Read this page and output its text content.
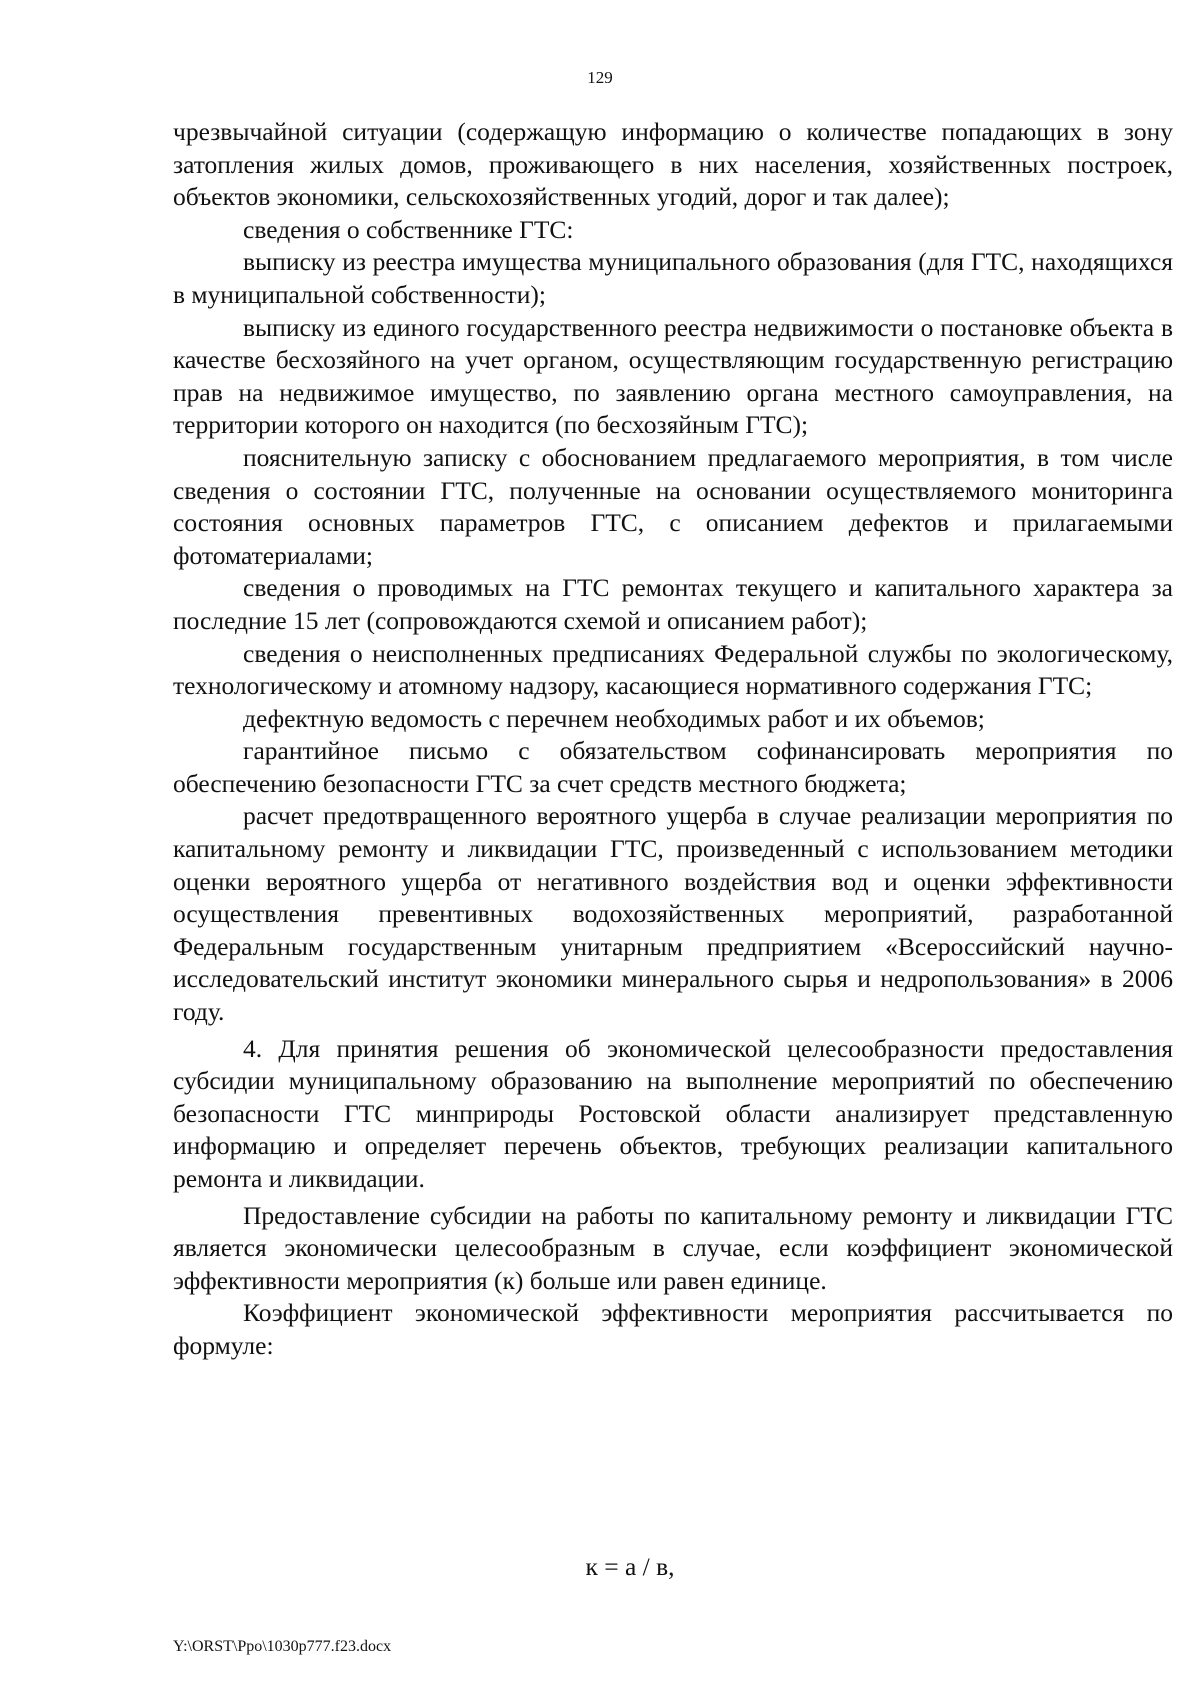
129

чрезвычайной ситуации (содержащую информацию о количестве попадающих в зону затопления жилых домов, проживающего в них населения, хозяйственных построек, объектов экономики, сельскохозяйственных угодий, дорог и так далее);

сведения о собственнике ГТС:

выписку из реестра имущества муниципального образования (для ГТС, находящихся в муниципальной собственности);

выписку из единого государственного реестра недвижимости о постановке объекта в качестве бесхозяйного на учет органом, осуществляющим государственную регистрацию прав на недвижимое имущество, по заявлению органа местного самоуправления, на территории которого он находится (по бесхозяйным ГТС);

пояснительную записку с обоснованием предлагаемого мероприятия, в том числе сведения о состоянии ГТС, полученные на основании осуществляемого мониторинга состояния основных параметров ГТС, с описанием дефектов и прилагаемыми фотоматериалами;

сведения о проводимых на ГТС ремонтах текущего и капитального характера за последние 15 лет (сопровождаются схемой и описанием работ);

сведения о неисполненных предписаниях Федеральной службы по экологическому, технологическому и атомному надзору, касающиеся нормативного содержания ГТС;

дефектную ведомость с перечнем необходимых работ и их объемов;

гарантийное письмо с обязательством софинансировать мероприятия по обеспечению безопасности ГТС за счет средств местного бюджета;

расчет предотвращенного вероятного ущерба в случае реализации мероприятия по капитальному ремонту и ликвидации ГТС, произведенный с использованием методики оценки вероятного ущерба от негативного воздействия вод и оценки эффективности осуществления превентивных водохозяйственных мероприятий, разработанной Федеральным государственным унитарным предприятием «Всероссийский научно-исследовательский институт экономики минерального сырья и недропользования» в 2006 году.

4. Для принятия решения об экономической целесообразности предоставления субсидии муниципальному образованию на выполнение мероприятий по обеспечению безопасности ГТС минприроды Ростовской области анализирует представленную информацию и определяет перечень объектов, требующих реализации капитального ремонта и ликвидации.

Предоставление субсидии на работы по капитальному ремонту и ликвидации ГТС является экономически целесообразным в случае, если коэффициент экономической эффективности мероприятия (к) больше или равен единице.

Коэффициент экономической эффективности мероприятия рассчитывается по формуле:

к = а / в,
Y:\ORST\Ppo\1030p777.f23.docx
